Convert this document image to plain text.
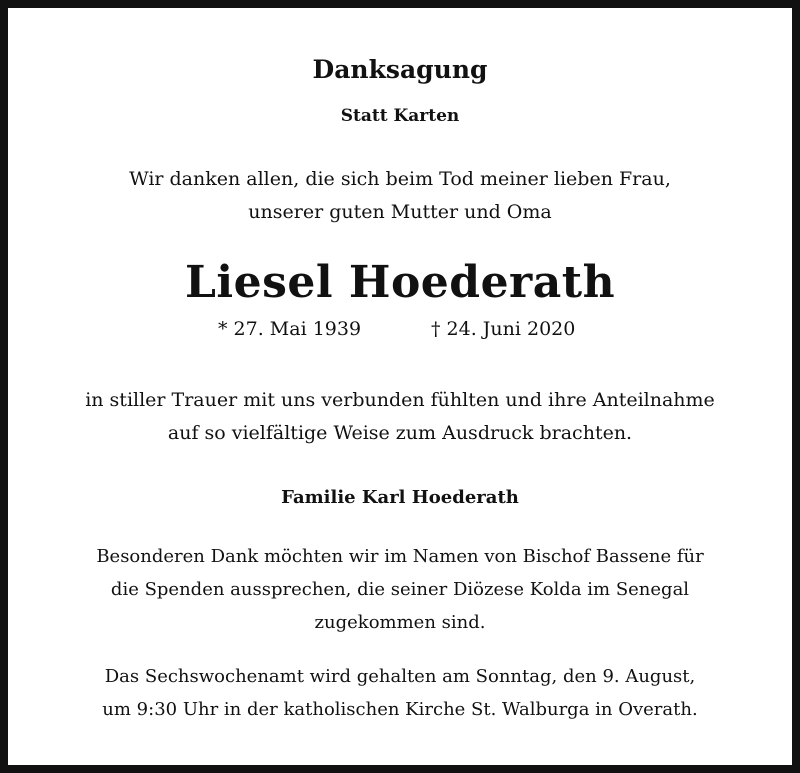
Danksagung
Statt Karten
Wir danken allen, die sich beim Tod meiner lieben Frau,
unserer guten Mutter und Oma
Liesel Hoederath
* 27. Mai 1939	† 24. Juni 2020
in stiller Trauer mit uns verbunden fühlten und ihre Anteilnahme
auf so vielfältige Weise zum Ausdruck brachten.
Familie Karl Hoederath
Besonderen Dank möchten wir im Namen von Bischof Bassene für
die Spenden aussprechen, die seiner Diözese Kolda im Senegal
zugekommen sind.
Das Sechswochenamt wird gehalten am Sonntag, den 9. August,
um 9:30 Uhr in der katholischen Kirche St. Walburga in Overath.
